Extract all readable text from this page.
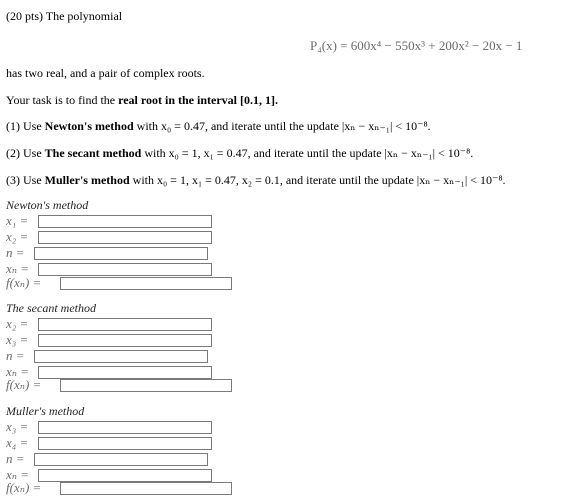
(20 pts) The polynomial
P₄(x) = 600x⁴ − 550x³ + 200x² − 20x − 1
has two real, and a pair of complex roots.
Your task is to find the real root in the interval [0.1, 1].
(1) Use Newton's method with x₀ = 0.47, and iterate until the update |xₙ − xₙ₋₁| < 10⁻⁸.
(2) Use The secant method with x₀ = 1, x₁ = 0.47, and iterate until the update |xₙ − xₙ₋₁| < 10⁻⁸.
(3) Use Muller's method with x₀ = 1, x₁ = 0.47, x₂ = 0.1, and iterate until the update |xₙ − xₙ₋₁| < 10⁻⁸.
Newton's method
x₁ =
x₂ =
n =
xₙ =
f(xₙ) =
The secant method
x₂ =
x₃ =
n =
xₙ =
f(xₙ) =
Muller's method
x₃ =
x₄ =
n =
xₙ =
f(xₙ) =
